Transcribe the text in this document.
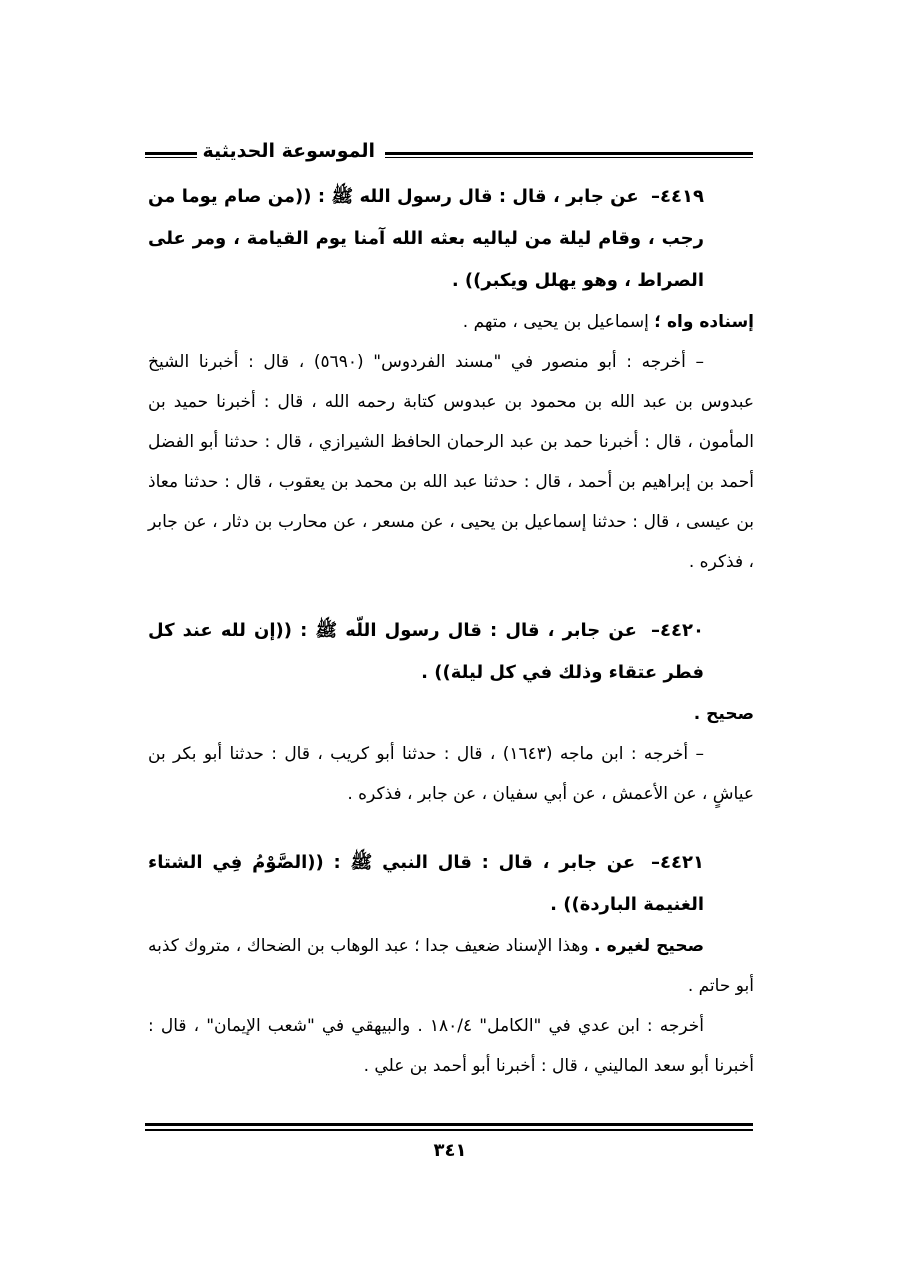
الموسوعة الحديثية

٤٤١٩– عن جابر ، قال : قال رسول الله ﷺ : ((من صام يوما من رجب ، وقام ليلة من لياليه بعثه الله آمنا يوم القيامة ، ومر على الصراط ، وهو يهلل ويكبر)) .

إسناده واه ؛ إسماعيل بن يحيى ، متهم .

– أخرجه : أبو منصور في "مسند الفردوس" (٥٦٩٠) ، قال : أخبرنا الشيخ عبدوس بن عبد الله بن محمود بن عبدوس كتابة رحمه الله ، قال : أخبرنا حميد بن المأمون ، قال : أخبرنا حمد بن عبد الرحمان الحافظ الشيرازي ، قال : حدثنا أبو الفضل أحمد بن إبراهيم بن أحمد ، قال : حدثنا عبد الله بن محمد بن يعقوب ، قال : حدثنا معاذ بن عيسى ، قال : حدثنا إسماعيل بن يحيى ، عن مسعر ، عن محارب بن دثار ، عن جابر ، فذكره .

٤٤٢٠– عن جابر ، قال : قال رسول اللّه ﷺ : ((إن لله عند كل فطر عتقاء وذلك في كل ليلة)) .

صحيح .

– أخرجه : ابن ماجه (١٦٤٣) ، قال : حدثنا أبو كريب ، قال : حدثنا أبو بكر بن عياشٍ ، عن الأعمش ، عن أبي سفيان ، عن جابر ، فذكره .

٤٤٢١– عن جابر ، قال : قال النبي ﷺ : ((الصَّوْمُ فِي الشتاء الغنيمة الباردة)) .

صحيح لغيره . وهذا الإسناد ضعيف جدا ؛ عبد الوهاب بن الضحاك ، متروك كذبه أبو حاتم .

أخرجه : ابن عدي في "الكامل" ١٨٠/٤ . والبيهقي في "شعب الإيمان" ، قال : أخبرنا أبو سعد الماليني ، قال : أخبرنا أبو أحمد بن علي .

٣٤١
